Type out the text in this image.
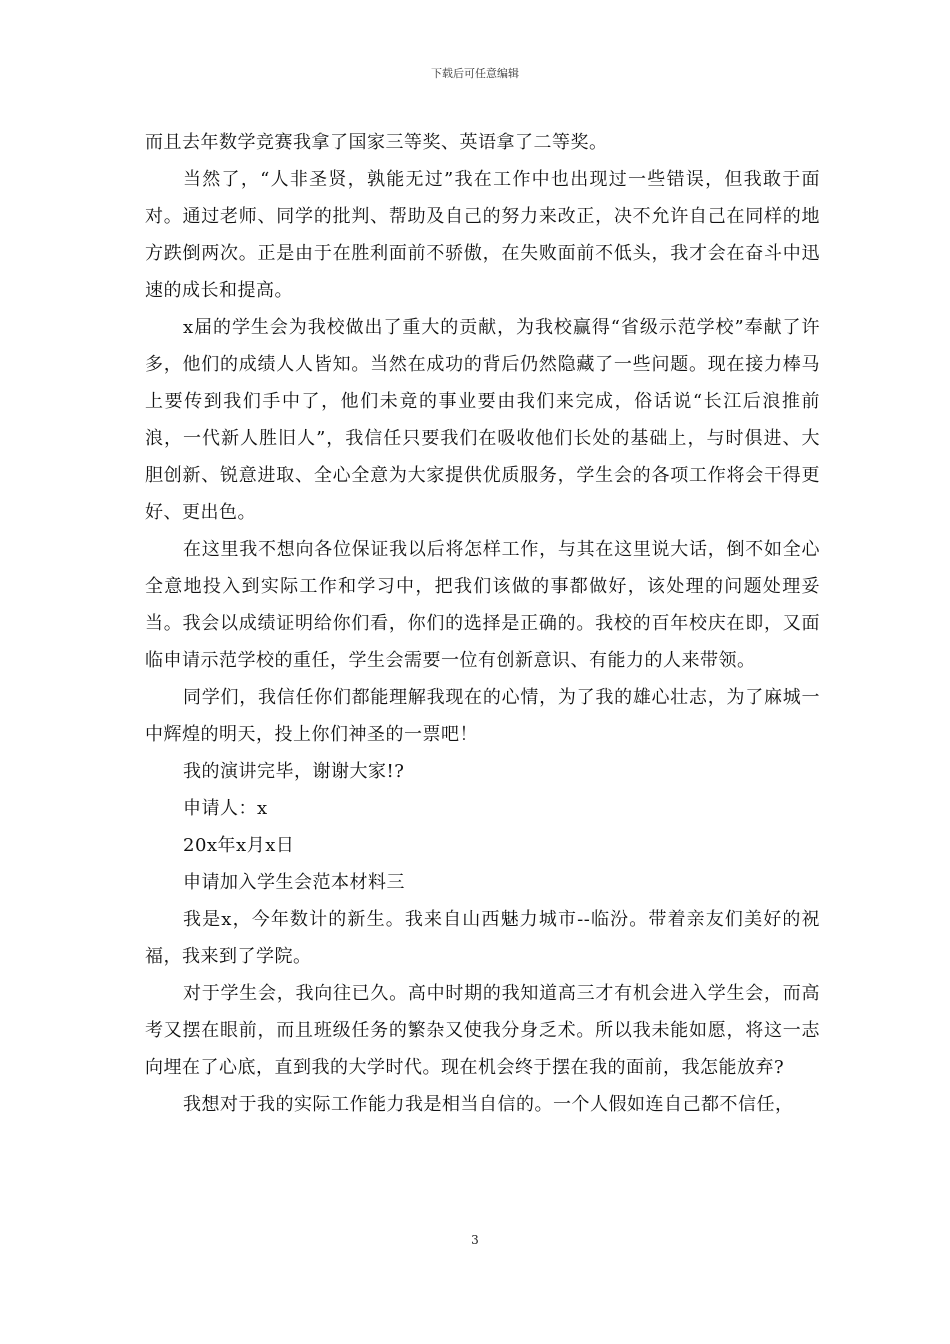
下载后可任意编辑

而且去年数学竞赛我拿了国家三等奖、英语拿了二等奖。

当然了，“人非圣贤，孰能无过”我在工作中也出现过一些错误，但我敢于面对。通过老师、同学的批判、帮助及自己的努力来改正，决不允许自己在同样的地方跌倒两次。正是由于在胜利面前不骄傲，在失败面前不低头，我才会在奋斗中迅速的成长和提高。

x届的学生会为我校做出了重大的贡献，为我校赢得“省级示范学校”奉献了许多，他们的成绩人人皆知。当然在成功的背后仍然隐藏了一些问题。现在接力棒马上要传到我们手中了，他们未竟的事业要由我们来完成，俗话说“长江后浪推前浪，一代新人胜旧人”，我信任只要我们在吸收他们长处的基础上，与时俱进、大胆创新、锐意进取、全心全意为大家提供优质服务，学生会的各项工作将会干得更好、更出色。

在这里我不想向各位保证我以后将怎样工作，与其在这里说大话，倒不如全心全意地投入到实际工作和学习中，把我们该做的事都做好，该处理的问题处理妥当。我会以成绩证明给你们看，你们的选择是正确的。我校的百年校庆在即，又面临申请示范学校的重任，学生会需要一位有创新意识、有能力的人来带领。

同学们，我信任你们都能理解我现在的心情，为了我的雄心壮志，为了麻城一中辉煌的明天，投上你们神圣的一票吧！

我的演讲完毕，谢谢大家!?

申请人：x

20x年x月x日

申请加入学生会范本材料三

我是x，今年数计的新生。我来自山西魅力城市--临汾。带着亲友们美好的祝福，我来到了学院。

对于学生会，我向往已久。高中时期的我知道高三才有机会进入学生会，而高考又摆在眼前，而且班级任务的繁杂又使我分身乏术。所以我未能如愿，将这一志向埋在了心底，直到我的大学时代。现在机会终于摆在我的面前，我怎能放弃?

我想对于我的实际工作能力我是相当自信的。一个人假如连自己都不信任，

3
